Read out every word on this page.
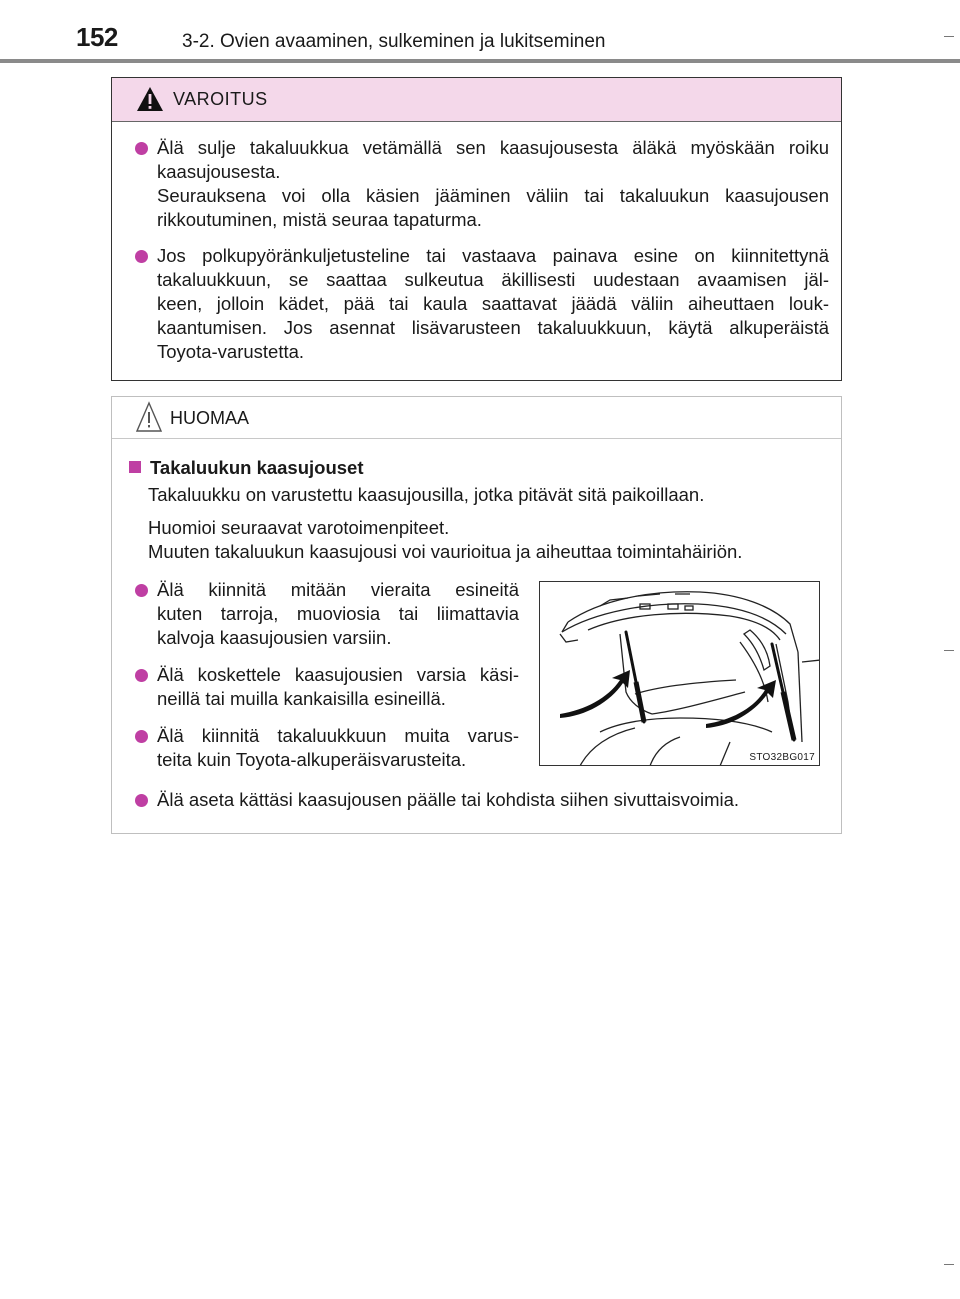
152	3-2. Ovien avaaminen, sulkeminen ja lukitseminen
VAROITUS
Älä sulje takaluukkua vetämällä sen kaasujousesta äläkä myöskään roiku
kaasujousesta.
Seurauksena voi olla käsien jääminen väliin tai takaluukun kaasujousen
rikkoutuminen, mistä seuraa tapaturma.
Jos polkupyöränkuljetusteline tai vastaava painava esine on kiinnitettynä
takaluukkuun, se saattaa sulkeutua äkillisesti uudestaan avaamisen jäl-
keen, jolloin kädet, pää tai kaula saattavat jäädä väliin aiheuttaen louk-
kaantumisen. Jos asennat lisävarusteen takaluukkuun, käytä alkuperäistä
Toyota-varustetta.
HUOMAA
Takaluukun kaasujouset
Takaluukku on varustettu kaasujousilla, jotka pitävät sitä paikoillaan.
Huomioi seuraavat varotoimenpiteet.
Muuten takaluukun kaasujousi voi vaurioitua ja aiheuttaa toimintahäiriön.
Älä kiinnitä mitään vieraita esineitä
kuten tarroja, muoviosia tai liimattavia
kalvoja kaasujousien varsiin.
Älä koskettele kaasujousien varsia käsi-
neillä tai muilla kankaisilla esineillä.
Älä kiinnitä takaluukkuun muita varus-
teita kuin Toyota-alkuperäisvarusteita.	STO32BG017
Älä aseta kättäsi kaasujousen päälle tai kohdista siihen sivuttaisvoimia.
